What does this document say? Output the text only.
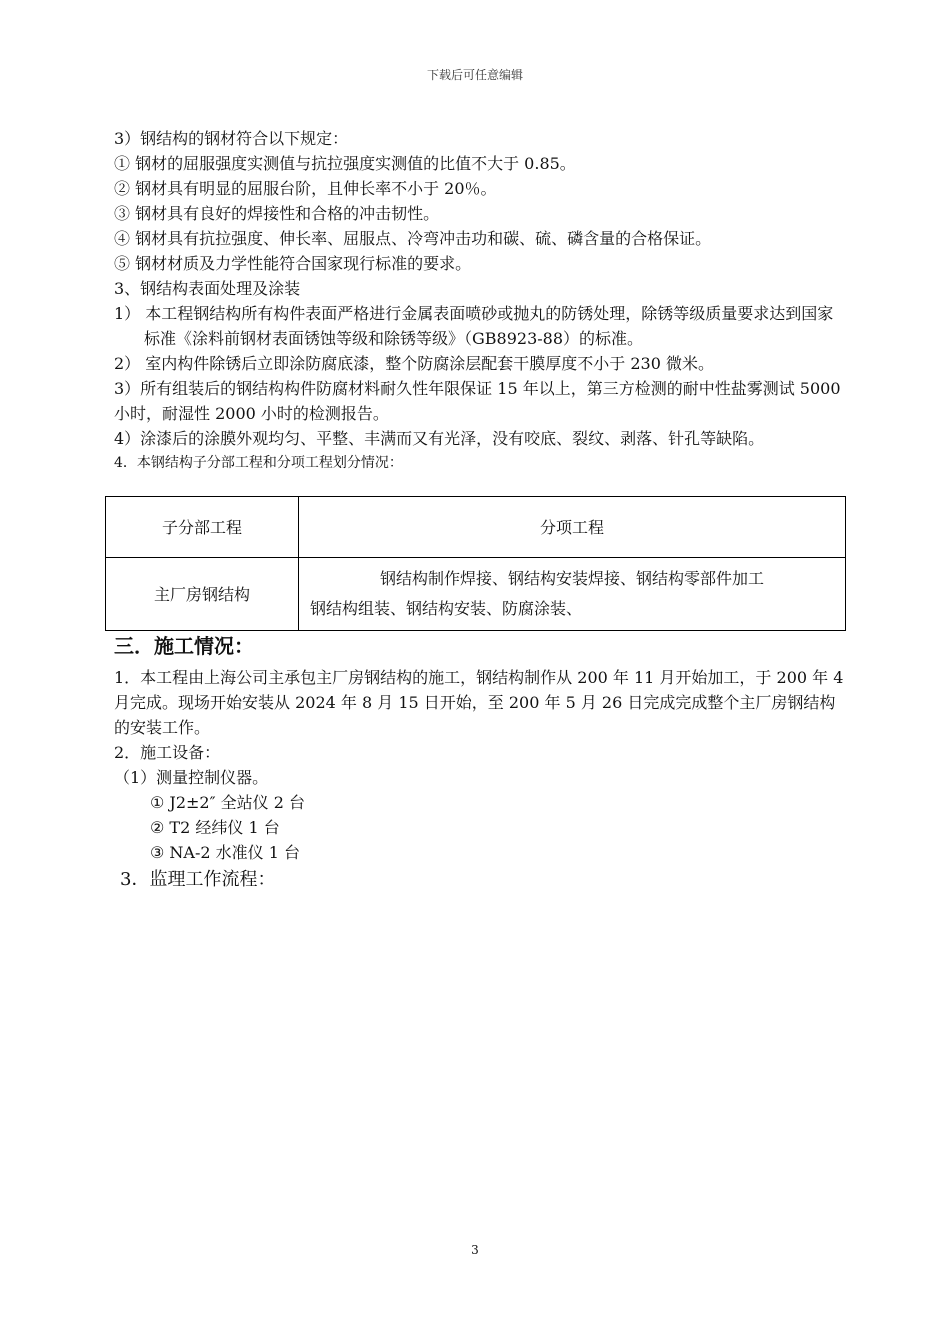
下载后可任意编辑

3）钢结构的钢材符合以下规定：

① 钢材的屈服强度实测值与抗拉强度实测值的比值不大于 0.85。

② 钢材具有明显的屈服台阶，且伸长率不小于 20％。

③ 钢材具有良好的焊接性和合格的冲击韧性。

④ 钢材具有抗拉强度、伸长率、屈服点、冷弯冲击功和碳、硫、磷含量的合格保证。

⑤ 钢材材质及力学性能符合国家现行标准的要求。

3、钢结构表面处理及涂装

1） 本工程钢结构所有构件表面严格进行金属表面喷砂或抛丸的防锈处理，除锈等级质量要求达到国家标准《涂料前钢材表面锈蚀等级和除锈等级》（GB8923-88）的标准。

2） 室内构件除锈后立即涂防腐底漆，整个防腐涂层配套干膜厚度不小于 230 微米。

3）所有组装后的钢结构构件防腐材料耐久性年限保证 15 年以上，第三方检测的耐中性盐雾测试 5000 小时，耐湿性 2000 小时的检测报告。

4）涂漆后的涂膜外观均匀、平整、丰满而又有光泽，没有咬底、裂纹、剥落、针孔等缺陷。

4．本钢结构子分部工程和分项工程划分情况：

子分部工程	分项工程
主厂房钢结构	钢结构制作焊接、钢结构安装焊接、钢结构零部件加工
钢结构组装、钢结构安装、防腐涂装、

三．施工情况：

1．本工程由上海公司主承包主厂房钢结构的施工，钢结构制作从 200 年 11 月开始加工，于 200 年 4 月完成。现场开始安装从 2024 年 8 月 15 日开始，至 200 年 5 月 26 日完成完成整个主厂房钢结构的安装工作。

2．施工设备：

（1）测量控制仪器。

① J2±2″ 全站仪 2 台

② T2 经纬仪 1 台

③ NA-2 水准仪 1 台

3．监理工作流程：

3
